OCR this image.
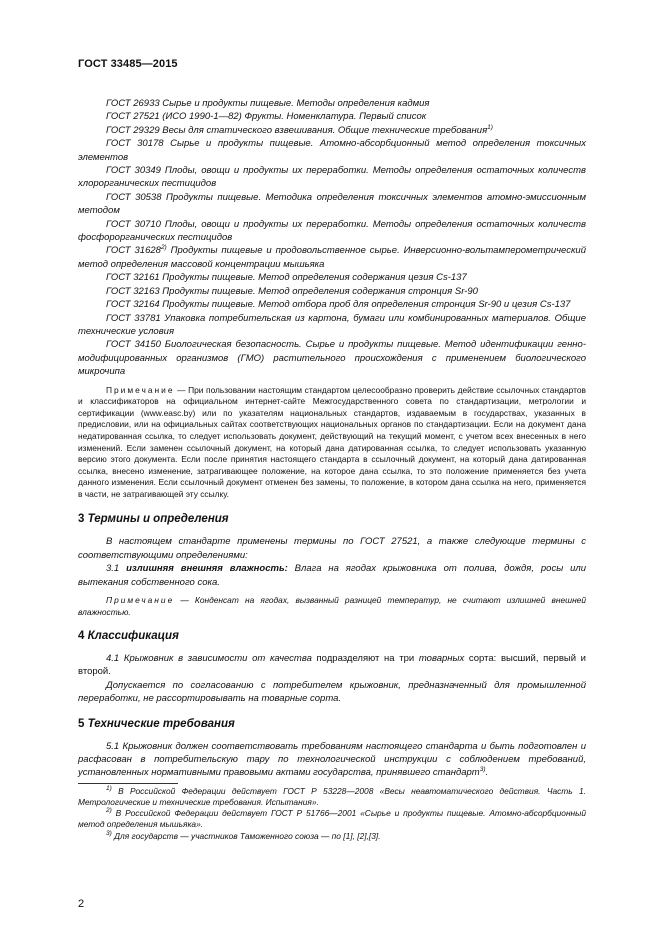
ГОСТ 33485—2015

ГОСТ 26933 Сырье и продукты пищевые. Методы определения кадмия

ГОСТ 27521 (ИСО 1990-1—82) Фрукты. Номенклатура. Первый список

ГОСТ 29329 Весы для статического взвешивания. Общие технические требования$^{1)}$

ГОСТ 30178 Сырье и продукты пищевые. Атомно-абсорбционный метод определения токсичных элементов

ГОСТ 30349 Плоды, овощи и продукты их переработки. Методы определения остаточных количеств хлорорганических пестицидов

ГОСТ 30538 Продукты пищевые. Методика определения токсичных элементов атомно-эмиссионным методом

ГОСТ 30710 Плоды, овощи и продукты их переработки. Методы определения остаточных количеств фосфорорганических пестицидов

ГОСТ 31628$^{2)}$ Продукты пищевые и продовольственное сырье. Инверсионно-вольтамперометрический метод определения массовой концентрации мышьяка

ГОСТ 32161 Продукты пищевые. Метод определения содержания цезия Cs-137

ГОСТ 32163 Продукты пищевые. Метод определения содержания стронция Sr-90

ГОСТ 32164 Продукты пищевые. Метод отбора проб для определения стронция Sr-90 и цезия Cs-137

ГОСТ 33781 Упаковка потребительская из картона, бумаги или комбинированных материалов. Общие технические условия

ГОСТ 34150 Биологическая безопасность. Сырье и продукты пищевые. Метод идентификации генно-модифицированных организмов (ГМО) растительного происхождения с применением биологического микрочипа

Примечание — При пользовании настоящим стандартом целесообразно проверить действие ссылочных стандартов и классификаторов на официальном интернет-сайте Межгосударственного совета по стандартизации, метрологии и сертификации (www.easc.by) или по указателям национальных стандартов, издаваемым в государствах, указанных в предисловии, или на официальных сайтах соответствующих национальных органов по стандартизации. Если на документ дана недатированная ссылка, то следует использовать документ, действующий на текущий момент, с учетом всех внесенных в него изменений. Если заменен ссылочный документ, на который дана датированная ссылка, то следует использовать указанную версию этого документа. Если после принятия настоящего стандарта в ссылочный документ, на который дана датированная ссылка, внесено изменение, затрагивающее положение, на которое дана ссылка, то это положение применяется без учета данного изменения. Если ссылочный документ отменен без замены, то положение, в котором дана ссылка на него, применяется в части, не затрагивающей эту ссылку.

3 Термины и определения

В настоящем стандарте применены термины по ГОСТ 27521, а также следующие термины с соответствующими определениями:

3.1 излишняя внешняя влажность: Влага на ягодах крыжовника от полива, дождя, росы или вытекания собственного сока.

Примечание — Конденсат на ягодах, вызванный разницей температур, не считают излишней внешней влажностью.

4 Классификация

4.1 Крыжовник в зависимости от качества подразделяют на три товарных сорта: высший, первый и второй.

Допускается по согласованию с потребителем крыжовник, предназначенный для промышленной переработки, не рассортировывать на товарные сорта.

5 Технические требования

5.1 Крыжовник должен соответствовать требованиям настоящего стандарта и быть подготовлен и расфасован в потребительскую тару по технологической инструкции с соблюдением требований, установленных нормативными правовыми актами государства, принявшего стандарт$^{3)}$.

$^{1)}$ В Российской Федерации действует ГОСТ Р 53228—2008 «Весы неавтоматического действия. Часть 1. Метрологические и технические требования. Испытания».

$^{2)}$ В Российской Федерации действует ГОСТ Р 51766—2001 «Сырье и продукты пищевые. Атомно-абсорбционный метод определения мышьяка».

$^{3)}$ Для государств — участников Таможенного союза — по [1], [2],[3].

2
